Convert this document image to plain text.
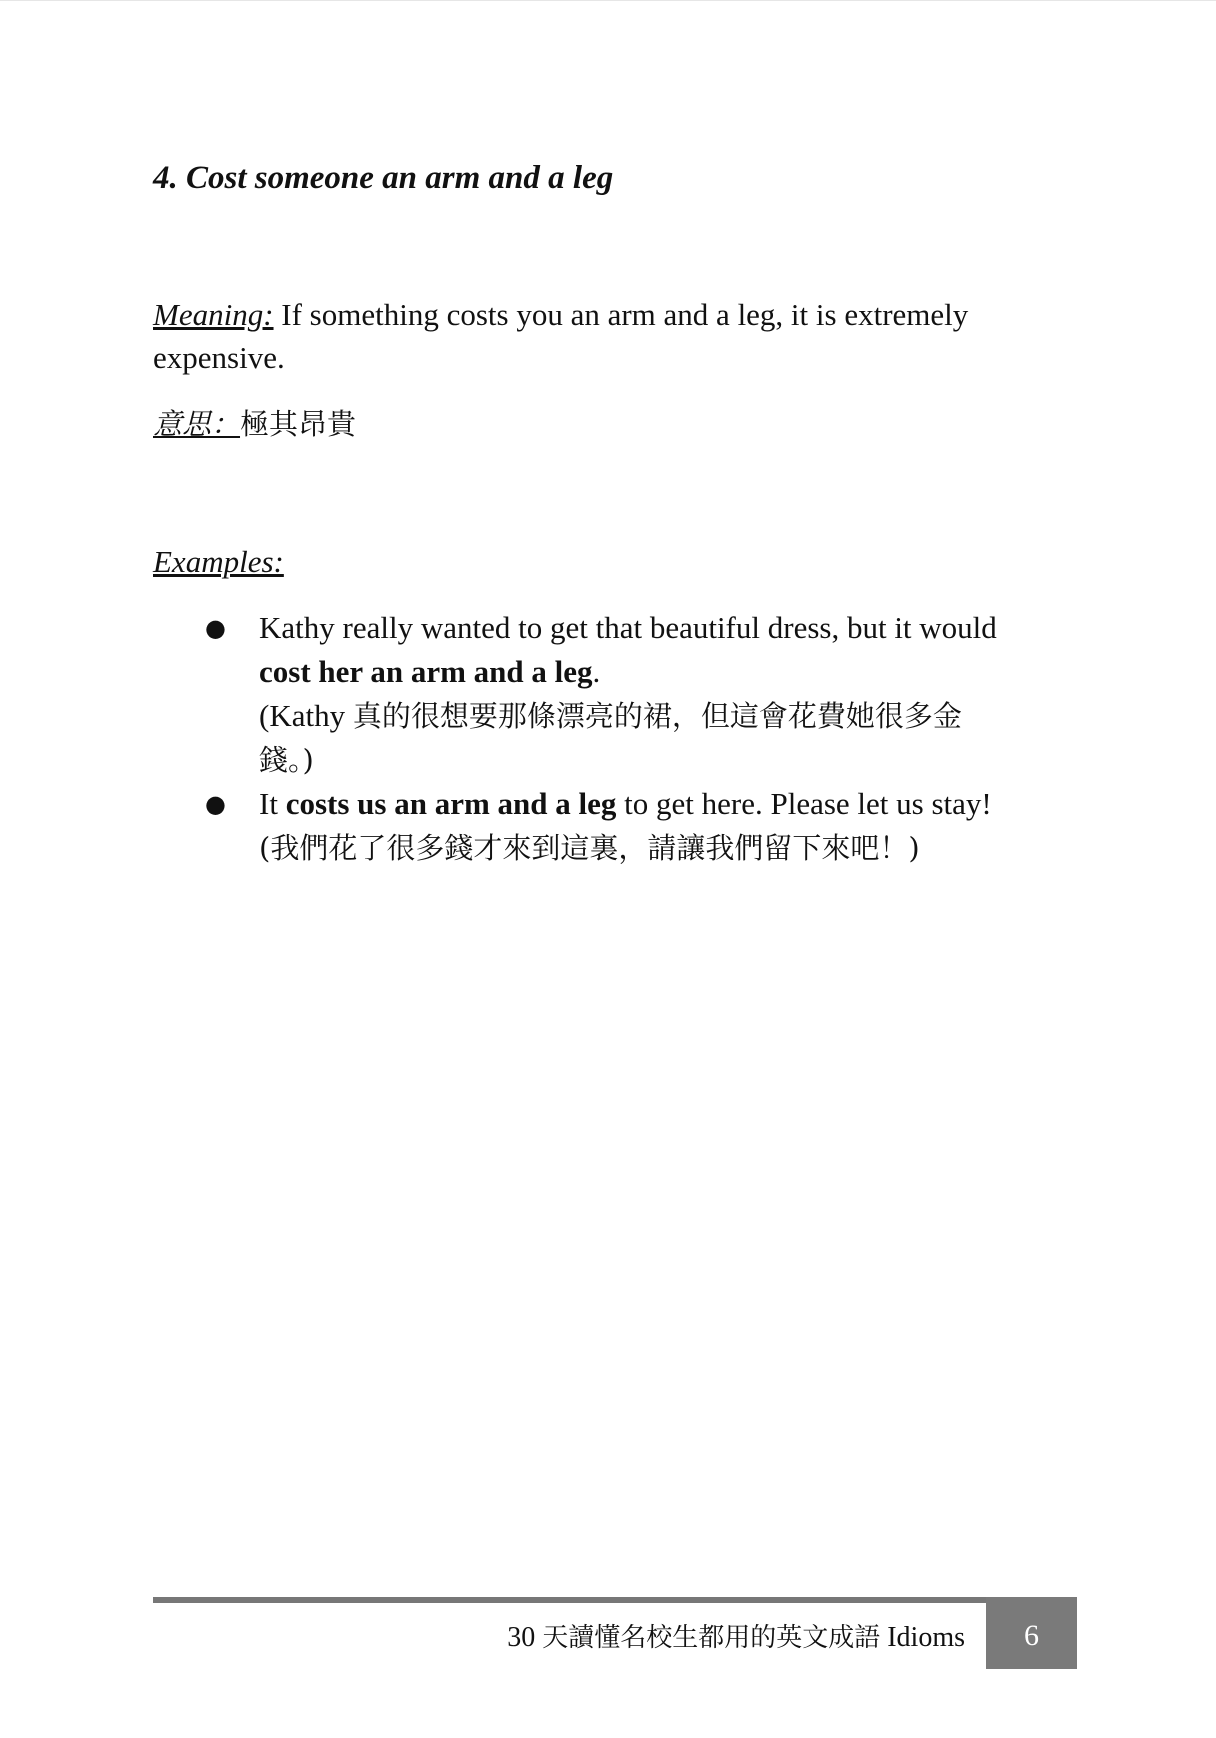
4. Cost someone an arm and a leg

Meaning: If something costs you an arm and a leg, it is extremely expensive.

意思：極其昂貴

Examples:

● Kathy really wanted to get that beautiful dress, but it would
cost her an arm and a leg.
(Kathy 真的很想要那條漂亮的裙，但這會花費她很多金
錢。)
● It costs us an arm and a leg to get here. Please let us stay!
(我們花了很多錢才來到這裏，請讓我們留下來吧！)
30 天讀懂名校生都用的英文成語 Idioms	6
